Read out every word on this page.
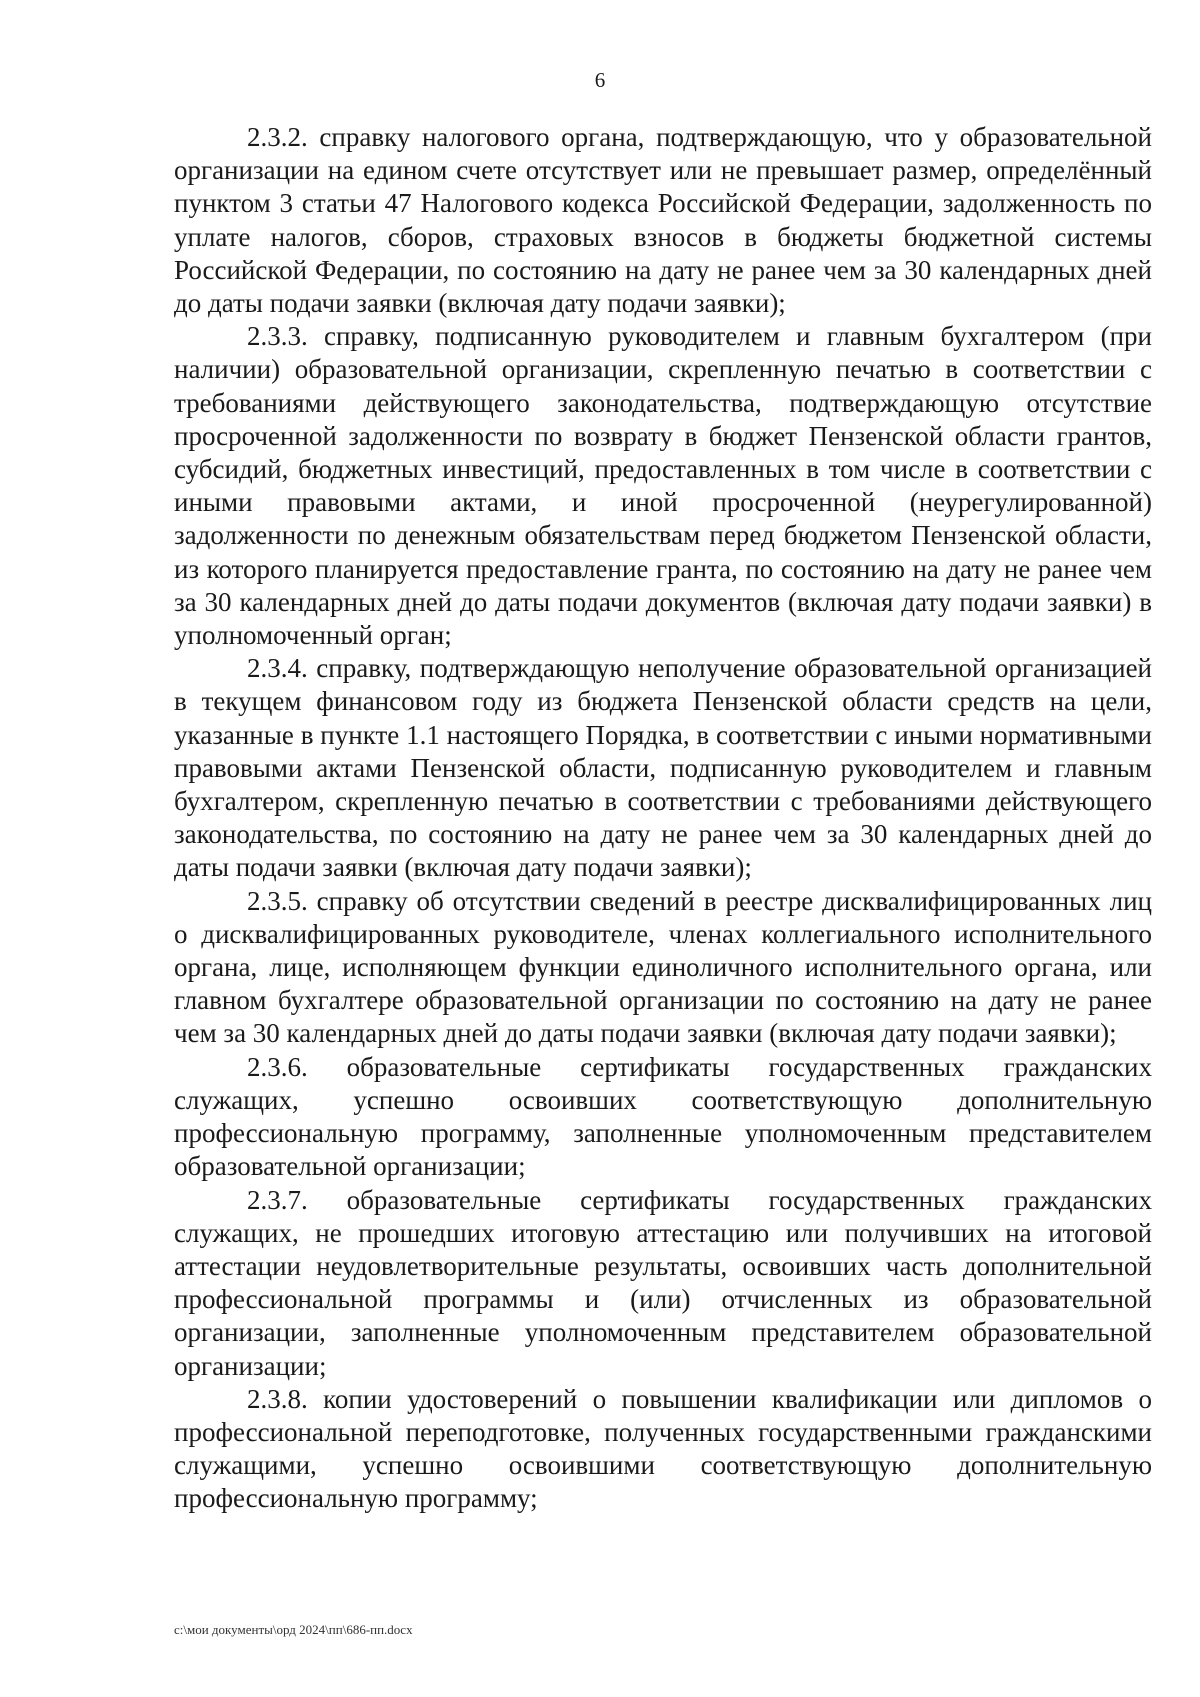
6

2.3.2. справку налогового органа, подтверждающую, что у образовательной организации на едином счете отсутствует или не превышает размер, определённый пунктом 3 статьи 47 Налогового кодекса Российской Федерации, задолженность по уплате налогов, сборов, страховых взносов в бюджеты бюджетной системы Российской Федерации, по состоянию на дату не ранее чем за 30 календарных дней до даты подачи заявки (включая дату подачи заявки);

2.3.3. справку, подписанную руководителем и главным бухгалтером (при наличии) образовательной организации, скрепленную печатью в соответствии с требованиями действующего законодательства, подтверждающую отсутствие просроченной задолженности по возврату в бюджет Пензенской области грантов, субсидий, бюджетных инвестиций, предоставленных в том числе в соответствии с иными правовыми актами, и иной просроченной (неурегулированной) задолженности по денежным обязательствам перед бюджетом Пензенской области, из которого планируется предоставление гранта, по состоянию на дату не ранее чем за 30 календарных дней до даты подачи документов (включая дату подачи заявки) в уполномоченный орган;

2.3.4. справку, подтверждающую неполучение образовательной организацией в текущем финансовом году из бюджета Пензенской области средств на цели, указанные в пункте 1.1 настоящего Порядка, в соответствии с иными нормативными правовыми актами Пензенской области, подписанную руководителем и главным бухгалтером, скрепленную печатью в соответствии с требованиями действующего законодательства, по состоянию на дату не ранее чем за 30 календарных дней до даты подачи заявки (включая дату подачи заявки);

2.3.5. справку об отсутствии сведений в реестре дисквалифицированных лиц о дисквалифицированных руководителе, членах коллегиального исполнительного органа, лице, исполняющем функции единоличного исполнительного органа, или главном бухгалтере образовательной организации по состоянию на дату не ранее чем за 30 календарных дней до даты подачи заявки (включая дату подачи заявки);

2.3.6. образовательные сертификаты государственных гражданских служащих, успешно освоивших соответствующую дополнительную профессиональную программу, заполненные уполномоченным представителем образовательной организации;

2.3.7. образовательные сертификаты государственных гражданских служащих, не прошедших итоговую аттестацию или получивших на итоговой аттестации неудовлетворительные результаты, освоивших часть дополнительной профессиональной программы и (или) отчисленных из образовательной организации, заполненные уполномоченным представителем образовательной организации;

2.3.8. копии удостоверений о повышении квалификации или дипломов о профессиональной переподготовке, полученных государственными гражданскими служащими, успешно освоившими соответствующую дополнительную профессиональную программу;

c:\мои документы\орд 2024\пп\686-пп.docx
